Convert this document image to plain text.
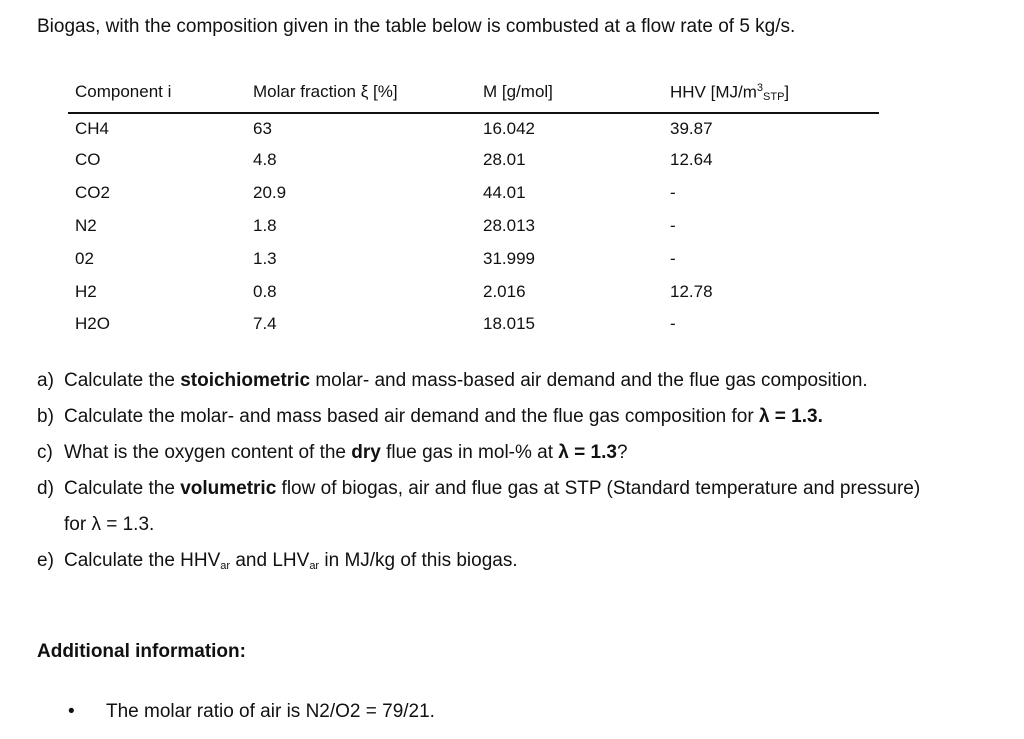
Biogas, with the composition given in the table below is combusted at a flow rate of 5 kg/s.
Component i	Molar fraction ξ [%]	M [g/mol]	HHV $[MJ/m^3_{STP}]$
CH4	63	16.042	39.87
CO	4.8	28.01	12.64
CO2	20.9	44.01	-
N2	1.8	28.013	-
02	1.3	31.999	-
H2	0.8	2.016	12.78
H2O	7.4	18.015	-
a) Calculate the stoichiometric molar- and mass-based air demand and the flue gas composition.
b) Calculate the molar- and mass based air demand and the flue gas composition for λ = 1.3.
c) What is the oxygen content of the dry flue gas in mol-% at λ = 1.3?
d) Calculate the volumetric flow of biogas, air and flue gas at STP (Standard temperature and pressure) for λ = 1.3.
e) Calculate the $HHV_{ar}$ and $LHV_{ar}$ in MJ/kg of this biogas.
Additional information:
• The molar ratio of air is N2/O2 = 79/21.
